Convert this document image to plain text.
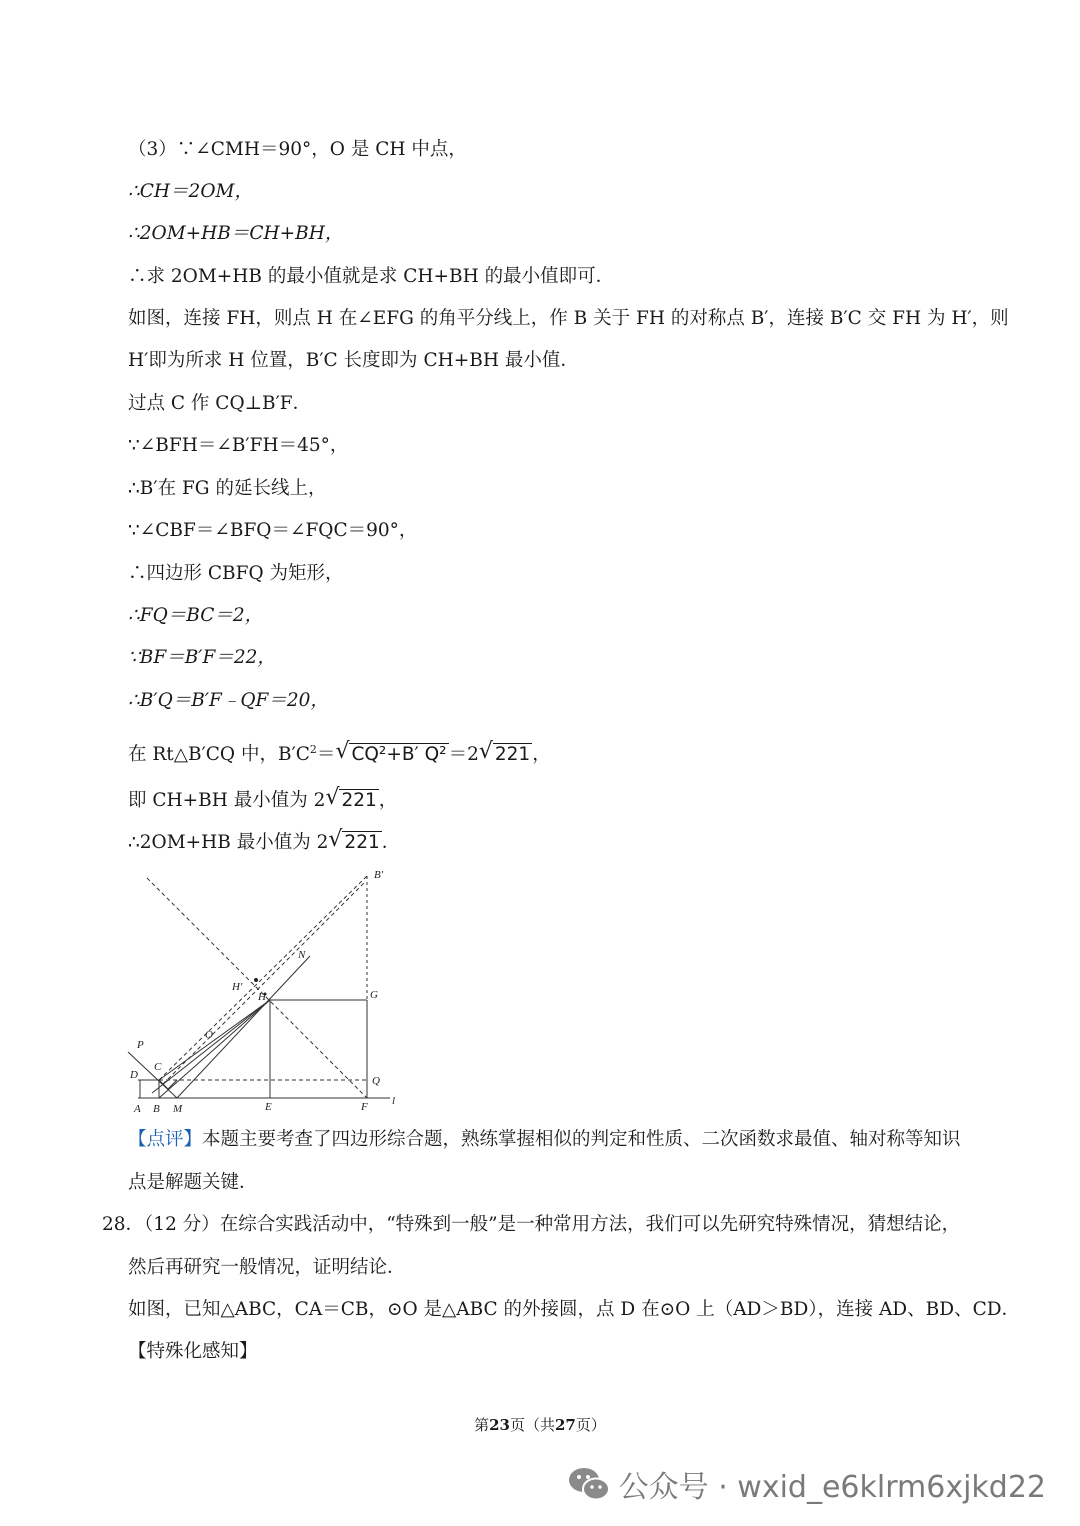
（3）∵∠CMH＝90°，O 是 CH 中点，
∴CH＝2OM，
∴2OM+HB＝CH+BH，
∴求 2OM+HB 的最小值就是求 CH+BH 的最小值即可．
如图，连接 FH，则点 H 在∠EFG 的角平分线上，作 B 关于 FH 的对称点 B′，连接 B′C 交 FH 为 H′，则
H′即为所求 H 位置，B′C 长度即为 CH+BH 最小值．
过点 C 作 CQ⊥B′F．
∵∠BFH＝∠B′FH＝45°，
∴B′在 FG 的延长线上，
∵∠CBF＝∠BFQ＝∠FQC＝90°，
∴四边形 CBFQ 为矩形，
∴FQ＝BC＝2，
∵BF＝B′F＝22，
∴B′Q＝B′F﹣QF＝20，
在 Rt△B′CQ 中，$B'C^2=√$ CQ²+B′ Q² ＝2√ 221 ，
即 CH+BH 最小值为 2√ 221 ，
∴2OM+HB 最小值为 2√ 221 ．
B′
N
H′
H	G
O
P
C
D	Q
A B M	E	F l
【点评】本题主要考查了四边形综合题，熟练掌握相似的判定和性质、二次函数求最值、轴对称等知识
点是解题关键．
28．（12 分）在综合实践活动中，“特殊到一般”是一种常用方法，我们可以先研究特殊情况，猜想结论，
然后再研究一般情况，证明结论．
如图，已知△ABC，CA＝CB，⊙O 是△ABC 的外接圆，点 D 在⊙O 上（AD＞BD），连接 AD、BD、CD．
【特殊化感知】
第23页（共27页）
公众号 · wxid_e6klrm6xjkd22
